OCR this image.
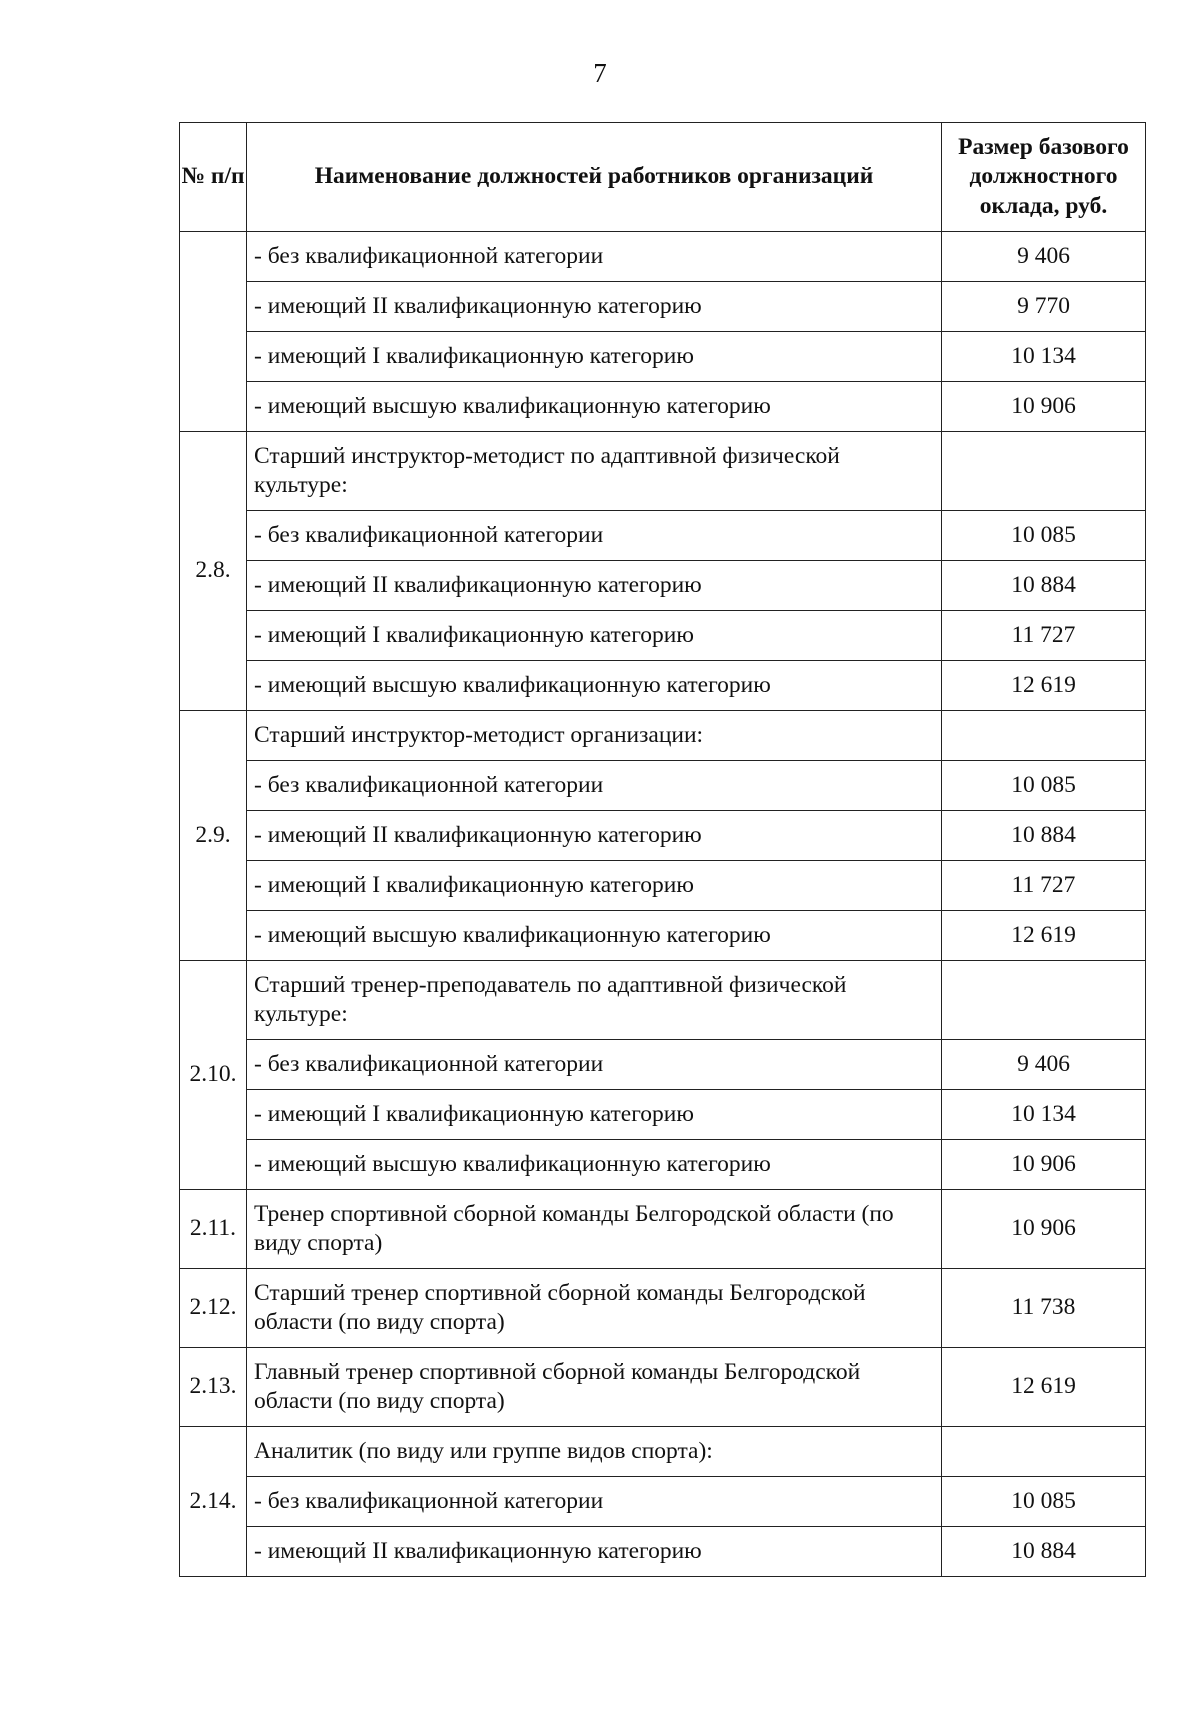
7
№ п/п	Наименование должностей работников организаций	Размер базового должностного оклада, руб.
	- без квалификационной категории	9 406
	- имеющий II квалификационную категорию	9 770
	- имеющий I квалификационную категорию	10 134
	- имеющий высшую квалификационную категорию	10 906
2.8.	Старший инструктор-методист по адаптивной физической культуре:	
	- без квалификационной категории	10 085
	- имеющий II квалификационную категорию	10 884
	- имеющий I квалификационную категорию	11 727
	- имеющий высшую квалификационную категорию	12 619
2.9.	Старший инструктор-методист организации:	
	- без квалификационной категории	10 085
	- имеющий II квалификационную категорию	10 884
	- имеющий I квалификационную категорию	11 727
	- имеющий высшую квалификационную категорию	12 619
2.10.	Старший тренер-преподаватель по адаптивной физической культуре:	
	- без квалификационной категории	9 406
	- имеющий I квалификационную категорию	10 134
	- имеющий высшую квалификационную категорию	10 906
2.11.	Тренер спортивной сборной команды Белгородской области (по виду спорта)	10 906
2.12.	Старший тренер спортивной сборной команды Белгородской области (по виду спорта)	11 738
2.13.	Главный тренер спортивной сборной команды Белгородской области (по виду спорта)	12 619
2.14.	Аналитик (по виду или группе видов спорта):	
	- без квалификационной категории	10 085
	- имеющий II квалификационную категорию	10 884
